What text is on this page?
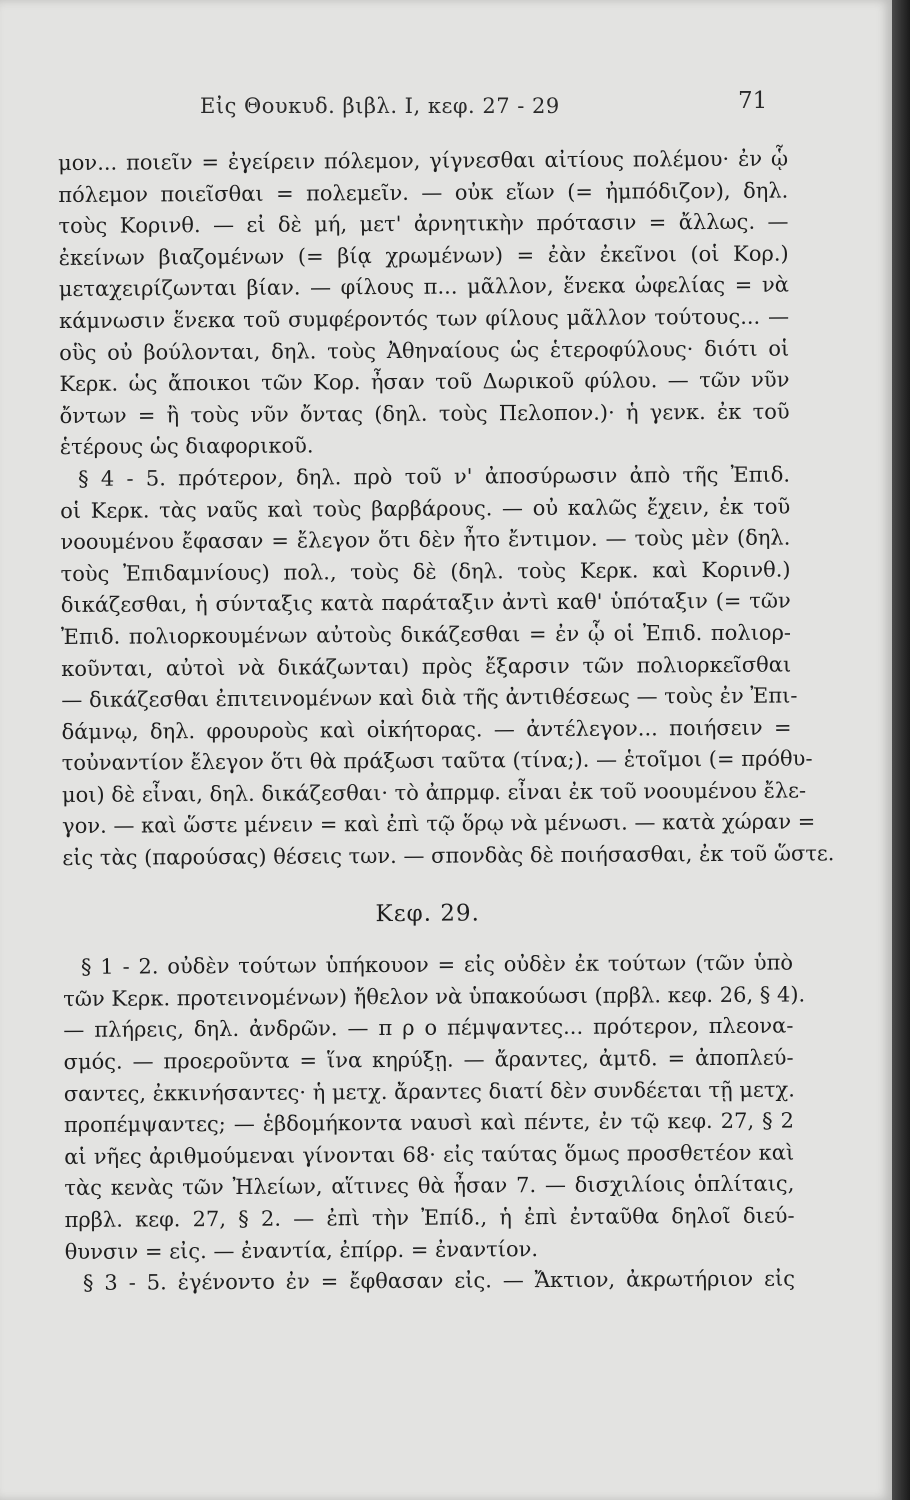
Εἰς Θουκυδ. βιβλ. Ι, κεφ. 27 - 29	71
μον... ποιεῖν = ἐγείρειν πόλεμον, γίγνεσθαι αἰτίους πολέμου· ἐν ᾧ
πόλεμον ποιεῖσθαι = πολεμεῖν. — οὐκ εἴων (= ἠμπόδιζον), δηλ.
τοὺς Κορινθ. — εἰ δὲ μή, μετ' ἀρνητικὴν πρότασιν = ἄλλως. —
ἐκείνων βιαζομένων (= βίᾳ χρωμένων) = ἐὰν ἐκεῖνοι (οἱ Κορ.)
μεταχειρίζωνται βίαν. — φίλους π... μᾶλλον, ἕνεκα ὠφελίας = νὰ
κάμνωσιν ἕνεκα τοῦ συμφέροντός των φίλους μᾶλλον τούτους... —
οὓς οὐ βούλονται, δηλ. τοὺς Ἀθηναίους ὡς ἑτεροφύλους· διότι οἱ
Κερκ. ὡς ἄποικοι τῶν Κορ. ἦσαν τοῦ Δωρικοῦ φύλου. — τῶν νῦν
ὄντων = ἢ τοὺς νῦν ὄντας (δηλ. τοὺς Πελοπον.)· ἡ γενκ. ἐκ τοῦ
ἑτέρους ὡς διαφορικοῦ.
§ 4 - 5. πρότερον, δηλ. πρὸ τοῦ ν' ἀποσύρωσιν ἀπὸ τῆς Ἐπιδ.
οἱ Κερκ. τὰς ναῦς καὶ τοὺς βαρβάρους. — οὐ καλῶς ἔχειν, ἐκ τοῦ
νοουμένου ἔφασαν = ἔλεγον ὅτι δὲν ἦτο ἔντιμον. — τοὺς μὲν (δηλ.
τοὺς Ἐπιδαμνίους) πολ., τοὺς δὲ (δηλ. τοὺς Κερκ. καὶ Κορινθ.)
δικάζεσθαι, ἡ σύνταξις κατὰ παράταξιν ἀντὶ καθ' ὑπόταξιν (= τῶν
Ἐπιδ. πολιορκουμένων αὐτοὺς δικάζεσθαι = ἐν ᾧ οἱ Ἐπιδ. πολιορ-
κοῦνται, αὐτοὶ νὰ δικάζωνται) πρὸς ἔξαρσιν τῶν πολιορκεῖσθαι
— δικάζεσθαι ἐπιτεινομένων καὶ διὰ τῆς ἀντιθέσεως — τοὺς ἐν Ἐπι-
δάμνῳ, δηλ. φρουροὺς καὶ οἰκήτορας. — ἀντέλεγον... ποιήσειν =
τοὐναντίον ἔλεγον ὅτι θὰ πράξωσι ταῦτα (τίνα;). — ἑτοῖμοι (= πρόθυ-
μοι) δὲ εἶναι, δηλ. δικάζεσθαι· τὸ ἀπρμφ. εἶναι ἐκ τοῦ νοουμένου ἔλε-
γον. — καὶ ὥστε μένειν = καὶ ἐπὶ τῷ ὅρῳ νὰ μένωσι. — κατὰ χώραν =
εἰς τὰς (παρούσας) θέσεις των. — σπονδὰς δὲ ποιήσασθαι, ἐκ τοῦ ὥστε.
Κεφ. 29.
§ 1 - 2. οὐδὲν τούτων ὑπήκουον = εἰς οὐδὲν ἐκ τούτων (τῶν ὑπὸ
τῶν Κερκ. προτεινομένων) ἤθελον νὰ ὑπακούωσι (πρβλ. κεφ. 26, § 4).
— πλήρεις, δηλ. ἀνδρῶν. — π ρ ο πέμψαντες... πρότερον, πλεονα-
σμός. — προεροῦντα = ἵνα κηρύξῃ. — ἄραντες, ἀμτδ. = ἀποπλεύ-
σαντες, ἐκκινήσαντες· ἡ μετχ. ἄραντες διατί δὲν συνδέεται τῇ μετχ.
προπέμψαντες; — ἑβδομήκοντα ναυσὶ καὶ πέντε, ἐν τῷ κεφ. 27, § 2
αἱ νῆες ἀριθμούμεναι γίνονται 68· εἰς ταύτας ὅμως προσθετέον καὶ
τὰς κενὰς τῶν Ἠλείων, αἵτινες θὰ ἦσαν 7. — δισχιλίοις ὁπλίταις,
πρβλ. κεφ. 27, § 2. — ἐπὶ τὴν Ἐπίδ., ἡ ἐπὶ ἐνταῦθα δηλοῖ διεύ-
θυνσιν = εἰς. — ἐναντία, ἐπίρρ. = ἐναντίον.
§ 3 - 5. ἐγένοντο ἐν = ἔφθασαν εἰς. — Ἄκτιον, ἀκρωτήριον εἰς
